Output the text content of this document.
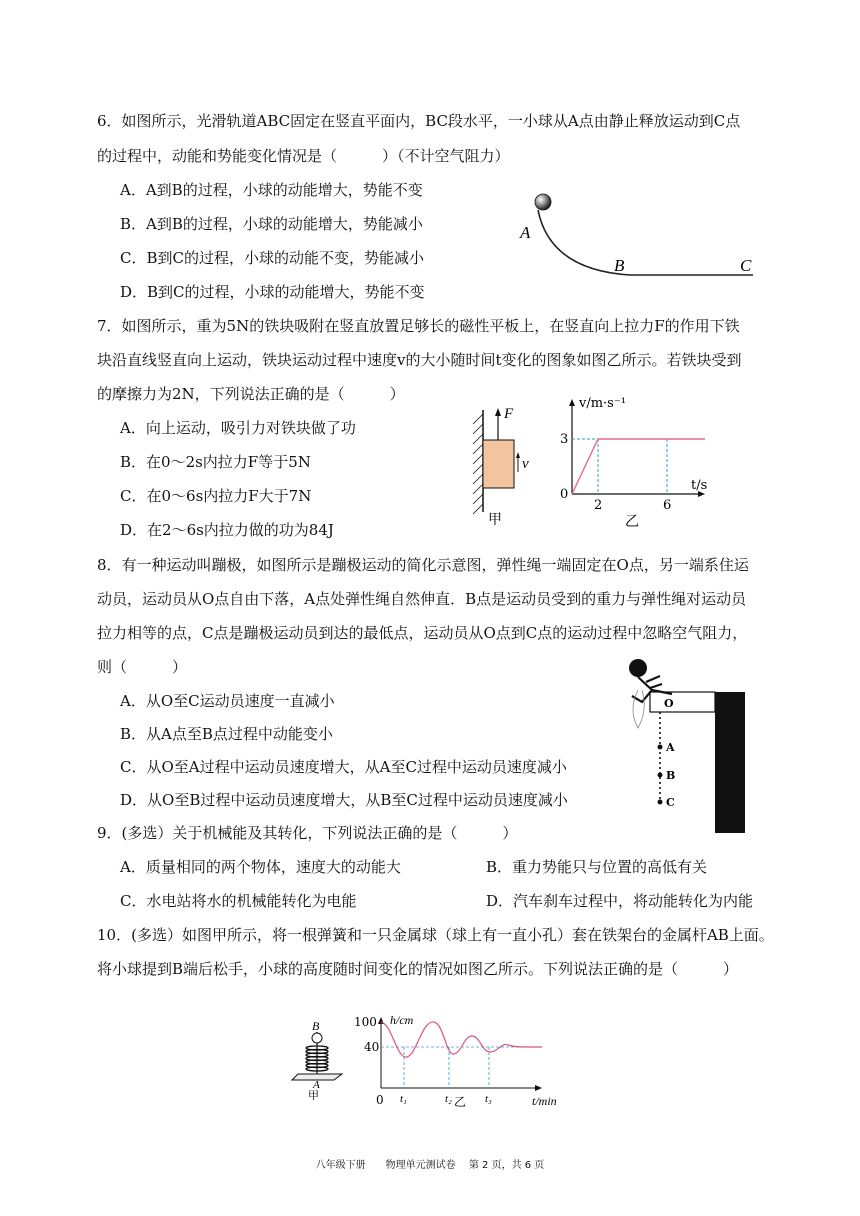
6．如图所示，光滑轨道ABC固定在竖直平面内，BC段水平，一小球从A点由静止释放运动到C点
的过程中，动能和势能变化情况是（　　　）（不计空气阻力）
A．A到B的过程，小球的动能增大，势能不变
B．A到B的过程，小球的动能增大，势能减小
C．B到C的过程，小球的动能不变，势能减小
D．B到C的过程，小球的动能增大，势能不变
A
B	C
7．如图所示，重为5N的铁块吸附在竖直放置足够长的磁性平板上，在竖直向上拉力F的作用下铁
块沿直线竖直向上运动，铁块运动过程中速度v的大小随时间t变化的图象如图乙所示。若铁块受到
的摩擦力为2N，下列说法正确的是（　　　）
A．向上运动，吸引力对铁块做了功
B．在0～2s内拉力F等于5N
C．在0～6s内拉力F大于7N
D．在2～6s内拉力做的功为84J
F
v
甲
v/m·s⁻¹
t/s
0
3
2	6
乙
8．有一种运动叫蹦极，如图所示是蹦极运动的简化示意图，弹性绳一端固定在O点，另一端系住运
动员，运动员从O点自由下落，A点处弹性绳自然伸直．B点是运动员受到的重力与弹性绳对运动员
拉力相等的点，C点是蹦极运动员到达的最低点，运动员从O点到C点的运动过程中忽略空气阻力，
则（　　　）
A．从O至C运动员速度一直减小
B．从A点至B点过程中动能变小
C．从O至A过程中运动员速度增大，从A至C过程中运动员速度减小
D．从O至B过程中运动员速度增大，从B至C过程中运动员速度减小
O
A
B
C
9．(多选）关于机械能及其转化，下列说法正确的是（　　　）
A．质量相同的两个物体，速度大的动能大	B．重力势能只与位置的高低有关
C．水电站将水的机械能转化为电能	D．汽车刹车过程中，将动能转化为内能
10．(多选）如图甲所示，将一根弹簧和一只金属球（球上有一直小孔）套在铁架台的金属杆AB上面。
将小球提到B端后松手，小球的高度随时间变化的情况如图乙所示。下列说法正确的是（　　　）
B
A
甲
100
40
0 t₁	t₂	t₃	t/min
h/cm
乙
八年级下册　　物理单元测试卷　 第 2 页，共 6 页
